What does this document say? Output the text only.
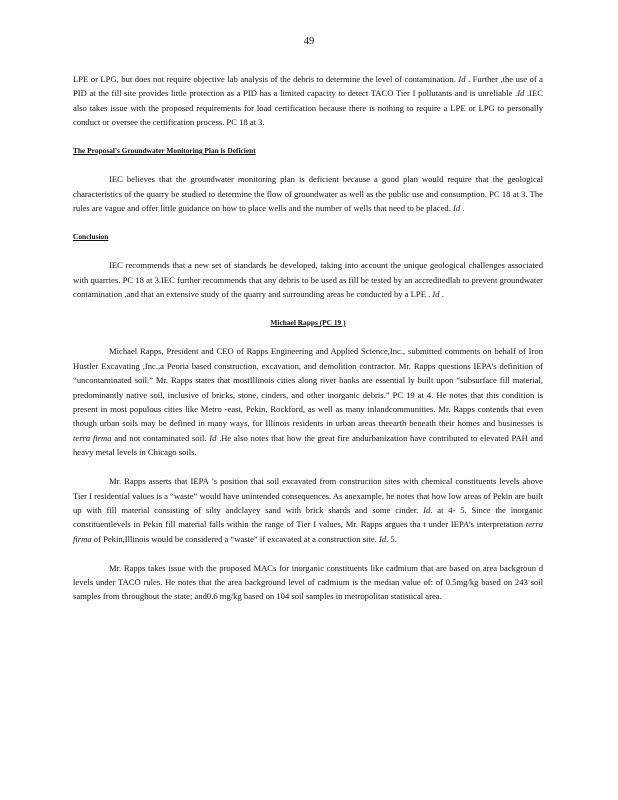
49

LPE or LPG, but does not require objective lab analysis of the debris to determine the level of contamination. Id . Further ,the use of a PID at the fill site provides little protection as a PID has a limited capacity to detect TACO Tier I pollutants and is unreliable .Id .IEC also takes issue with the proposed requirements for load certification because there is nothing to require a LPE or LPG to personally conduct or oversee the certification process. PC 18 at 3.

The Proposal's Groundwater Monitoring Plan is Deficient

IEC believes that the groundwater monitoring plan is deficient because a good plan would require that the geological characteristics of the quarry be studied to determine the flow of groundwater as well as the public use and consumption. PC 18 at 3. The rules are vague and offer little guidance on how to place wells and the number of wells that need to be placed. Id .

Conclusion

IEC recommends that a new set of standards be developed, taking into account the unique geological challenges associated with quarries. PC 18 at 3.IEC further recommends that any debris to be used as fill be tested by an accreditedlab to prevent groundwater contamination ,and that an extensive study of the quarry and surrounding areas be conducted by a LPE . Id .

Michael Rapps (PC 19 )

Michael Rapps, President and CEO of Rapps Engineering and Applied Science,Inc., submitted comments on behalf of Iron Hustler Excavating ,Inc.,a Peoria based construction, excavation, and demolition contractor. Mr. Rapps questions IEPA’s definition of “uncontaminated soil.” Mr. Rapps states that mostIllinois cities along river banks are essential ly built upon “subsurface fill material, predominantly native soil, inclusive of bricks, stone, cinders, and other inorganic debris.” PC 19 at 4. He notes that this condition is present in most populous cities like Metro -east, Pekin, Rockford, as well as many inlandcommunities. Mr. Rapps contends that even though urban soils may be defined in many ways, for Illinois residents in urban areas theearth beneath their homes and businesses is terra firma and not contaminated soil. Id .He also notes that how the great fire andurbanization have contributed to elevated PAH and heavy metal levels in Chicago soils.

Mr. Rapps asserts that IEPA ’s position that soil excavated from construction sites with chemical constituents levels above Tier I residential values is a “waste” would have unintended consequences. As anexample, he notes that how low areas of Pekin are built up with fill material consisting of silty andclayey sand with brick shards and some cinder. Id. at 4- 5. Since the inorganic constituentlevels in Pekin fill material falls within the range of Tier I values, Mr. Rapps argues tha t under IEPA’s interpretation terra firma of Pekin,Illinois would be considered a “waste” if excavated at a construction site. Id. 5.

Mr. Rapps takes issue with the proposed MACs for inorganic constituents like cadmium that are based on area backgroun d levels under TACO rules. He notes that the area background level of cadmium is the median value of: of 0.5mg/kg based on 243 soil samples from throughout the state; and0.6 mg/kg based on 104 soil samples in metropolitan statistical area.
